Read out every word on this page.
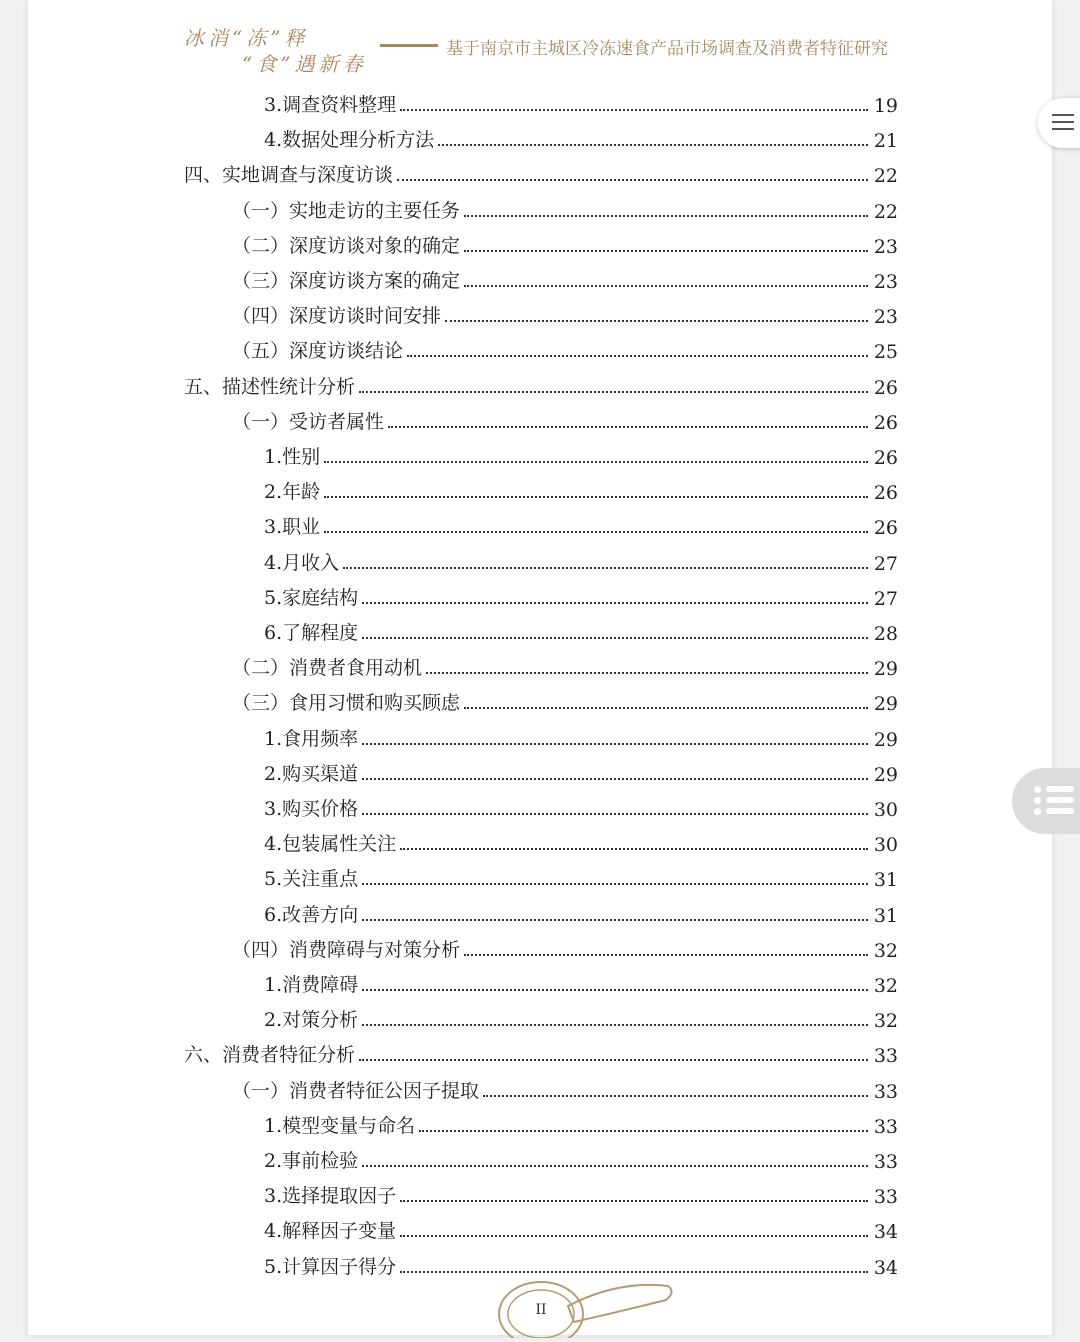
冰消“冻”释
“食”遇新春
基于南京市主城区冷冻速食产品市场调查及消费者特征研究
3.调查资料整理	19
4.数据处理分析方法	21
四、实地调查与深度访谈	22
（一）实地走访的主要任务	22
（二）深度访谈对象的确定	23
（三）深度访谈方案的确定	23
（四）深度访谈时间安排	23
（五）深度访谈结论	25
五、描述性统计分析	26
（一）受访者属性	26
1.性别	26
2.年龄	26
3.职业	26
4.月收入	27
5.家庭结构	27
6.了解程度	28
（二）消费者食用动机	29
（三）食用习惯和购买顾虑	29
1.食用频率	29
2.购买渠道	29
3.购买价格	30
4.包装属性关注	30
5.关注重点	31
6.改善方向	31
（四）消费障碍与对策分析	32
1.消费障碍	32
2.对策分析	32
六、消费者特征分析	33
（一）消费者特征公因子提取	33
1.模型变量与命名	33
2.事前检验	33
3.选择提取因子	33
4.解释因子变量	34
5.计算因子得分	34
II
